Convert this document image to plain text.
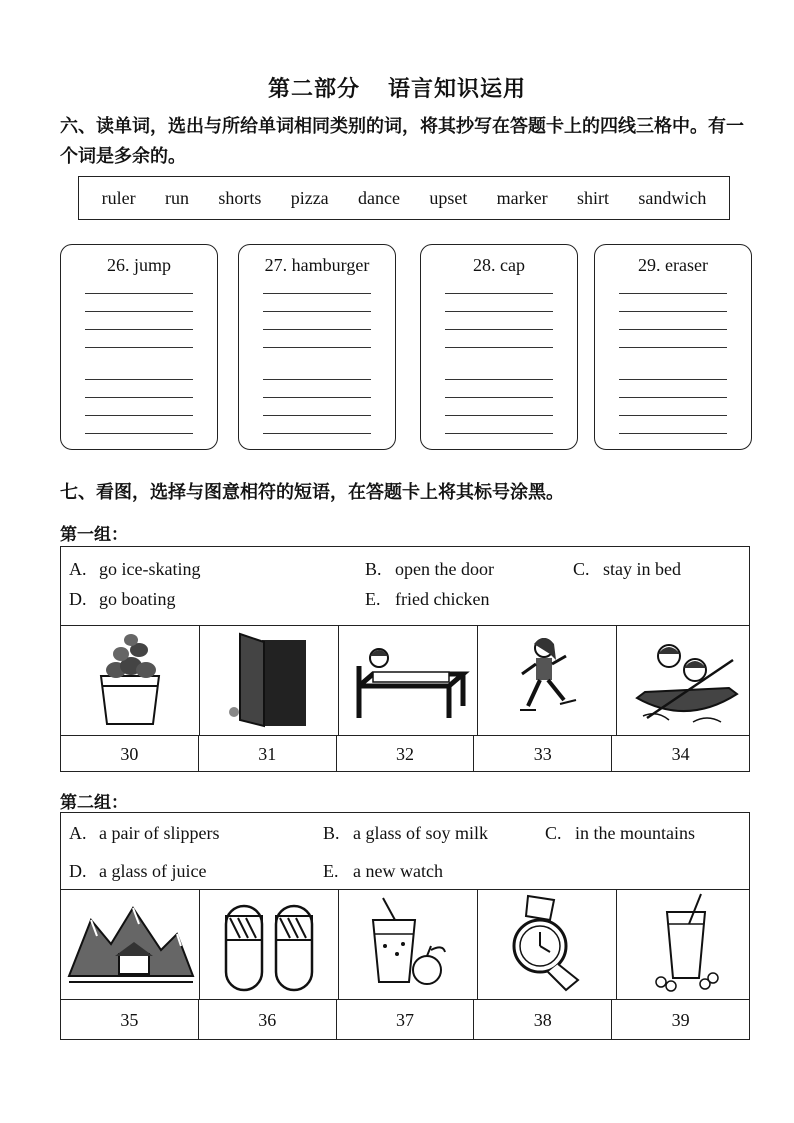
第二部分 语言知识运用
六、读单词，选出与所给单词相同类别的词，将其抄写在答题卡上的四线三格中。有一个词是多余的。
ruler run shorts pizza dance upset marker shirt sandwich
26. jump	27. hamburger	28. cap	29. eraser
七、看图，选择与图意相符的短语，在答题卡上将其标号涂黑。
第一组：
A. go ice-skating	B. open the door	C. stay in bed
D. go boating	E. fried chicken
30	31	32	33	34
第二组：
A. a pair of slippers	B. a glass of soy milk	C. in the mountains
D. a glass of juice	E. a new watch
35	36	37	38	39
